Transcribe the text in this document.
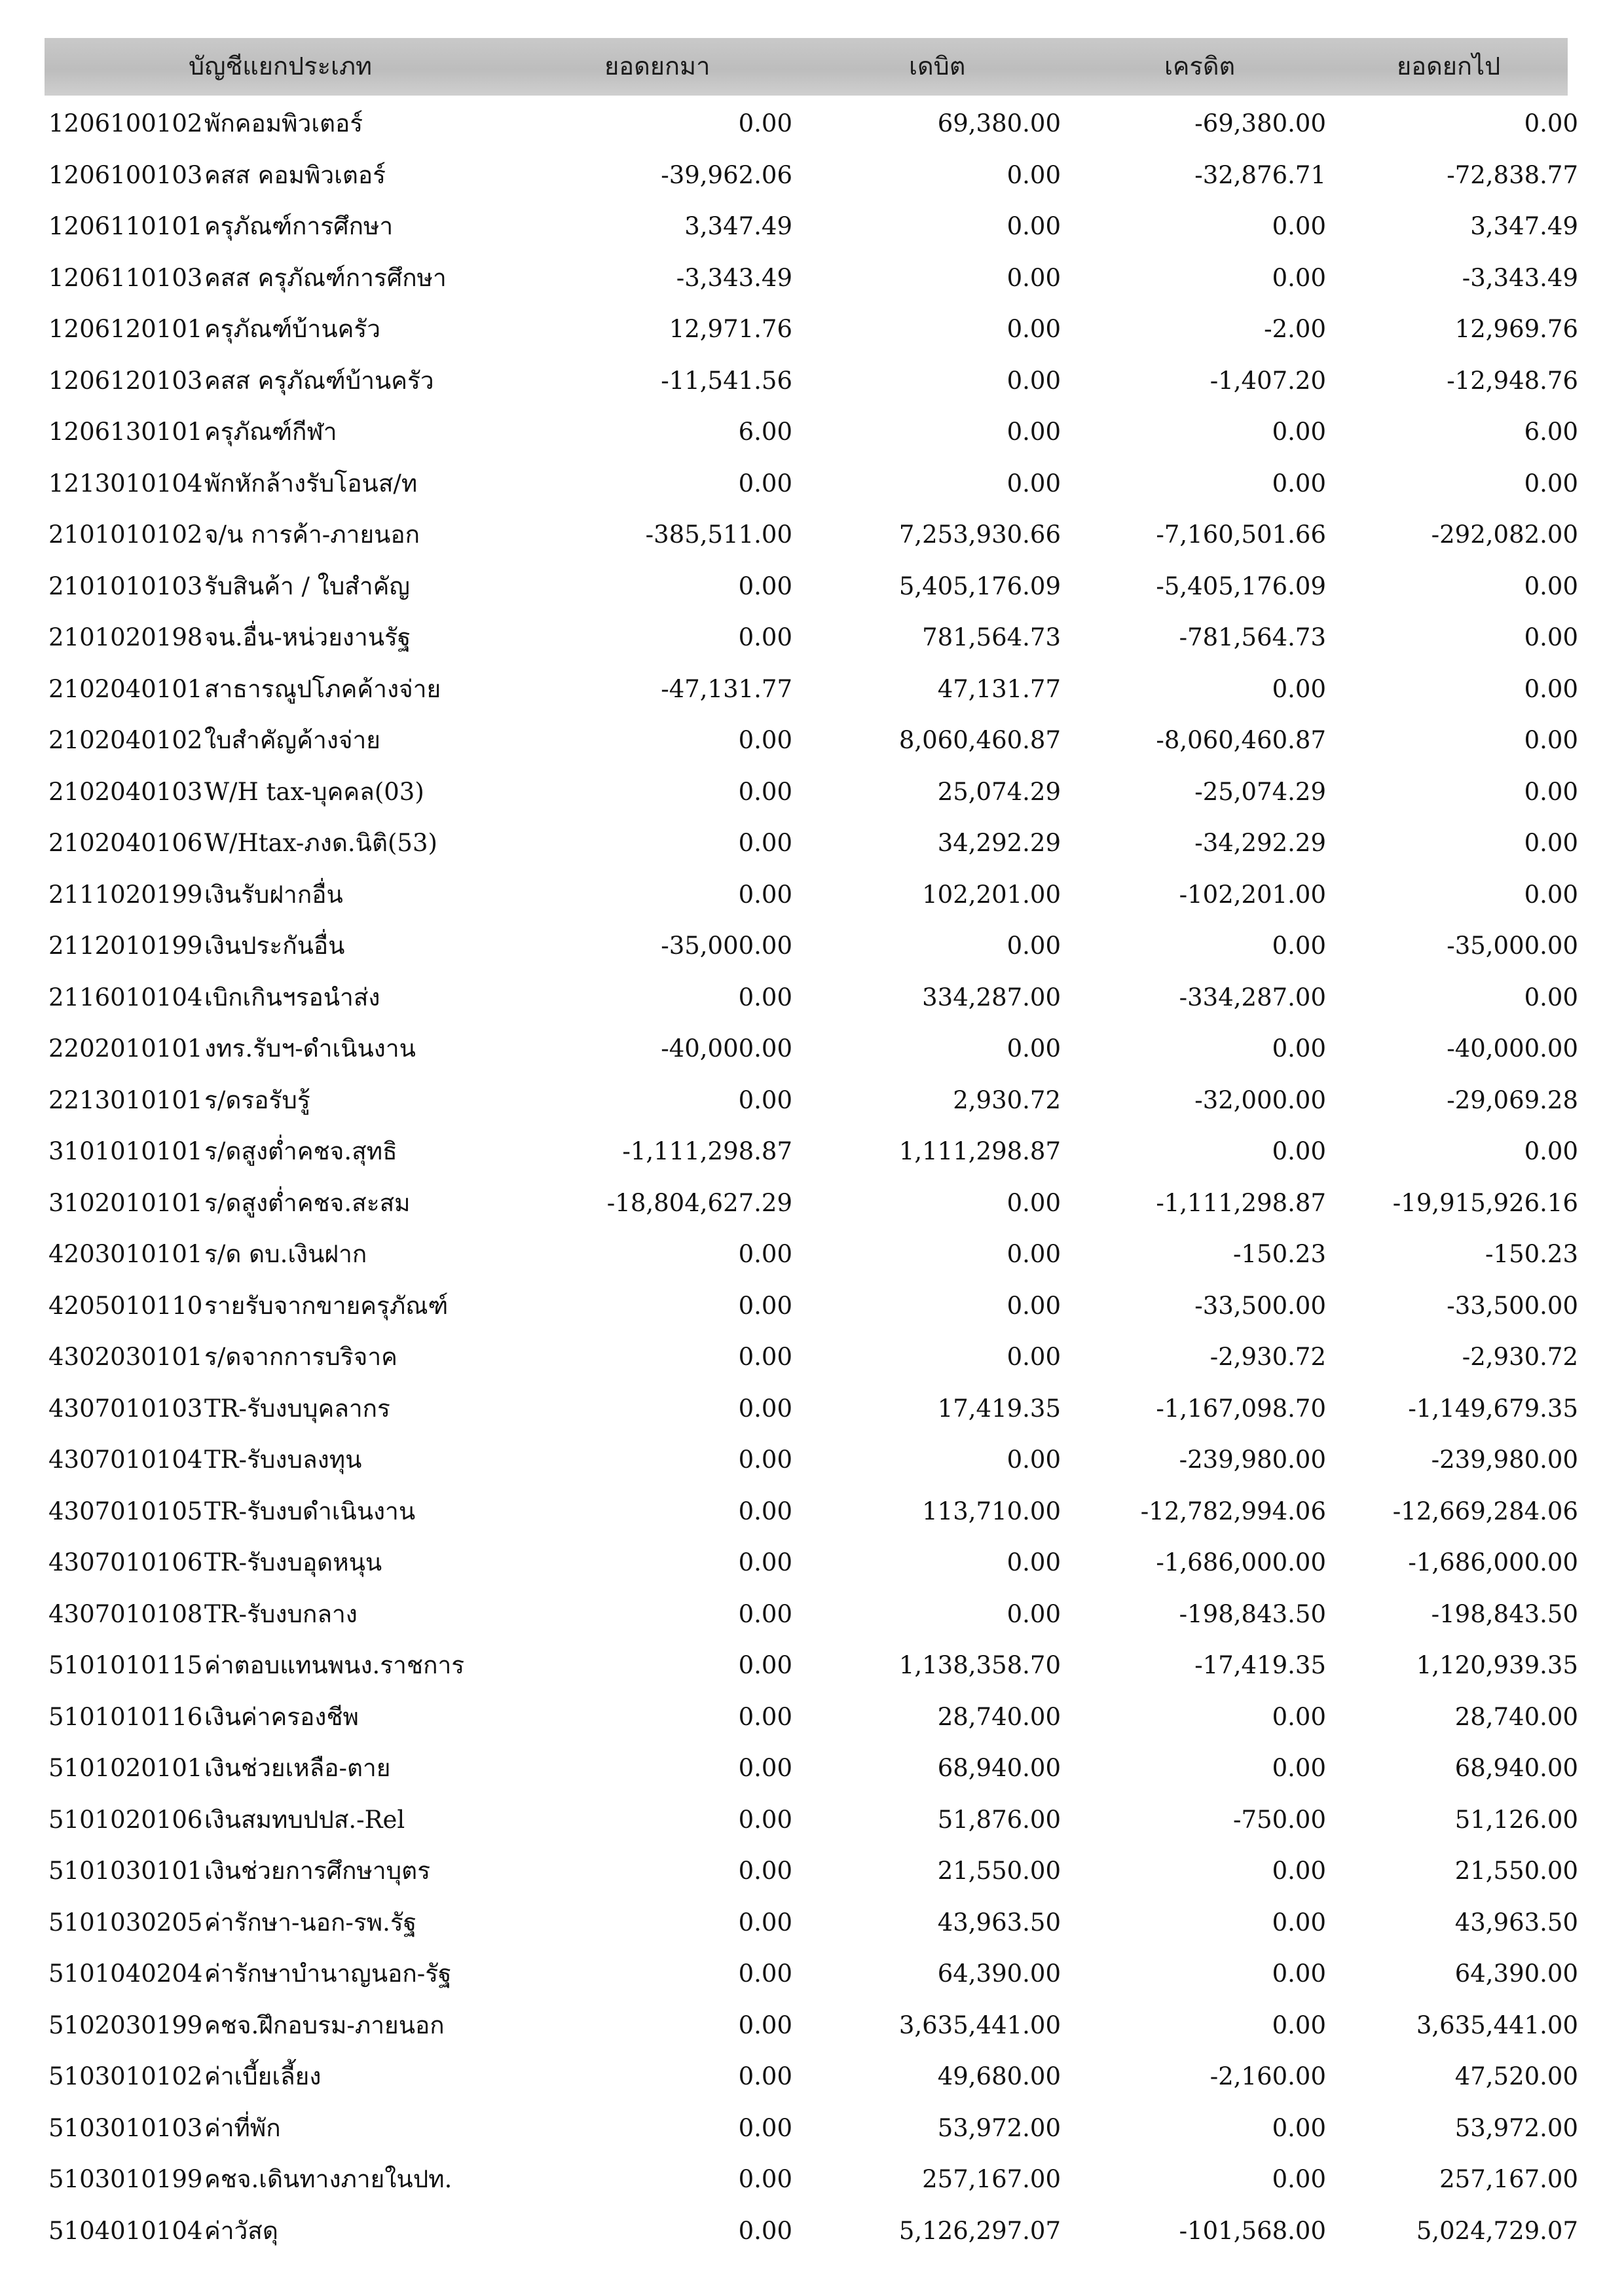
บัญชีแยกประเภท	ยอดยกมา	เดบิต	เครดิต	ยอดยกไป
1206100102 พักคอมพิวเตอร์	0.00	69,380.00	-69,380.00	0.00
1206100103 คสส คอมพิวเตอร์	-39,962.06	0.00	-32,876.71	-72,838.77
1206110101 ครุภัณฑ์การศึกษา	3,347.49	0.00	0.00	3,347.49
1206110103 คสส ครุภัณฑ์การศึกษา	-3,343.49	0.00	0.00	-3,343.49
1206120101 ครุภัณฑ์บ้านครัว	12,971.76	0.00	-2.00	12,969.76
1206120103 คสส ครุภัณฑ์บ้านครัว	-11,541.56	0.00	-1,407.20	-12,948.76
1206130101 ครุภัณฑ์กีฬา	6.00	0.00	0.00	6.00
1213010104 พักหักล้างรับโอนส/ท	0.00	0.00	0.00	0.00
2101010102 จ/น การค้า-ภายนอก	-385,511.00	7,253,930.66	-7,160,501.66	-292,082.00
2101010103 รับสินค้า / ใบสำคัญ	0.00	5,405,176.09	-5,405,176.09	0.00
2101020198 จน.อื่น-หน่วยงานรัฐ	0.00	781,564.73	-781,564.73	0.00
2102040101 สาธารณูปโภคค้างจ่าย	-47,131.77	47,131.77	0.00	0.00
2102040102 ใบสำคัญค้างจ่าย	0.00	8,060,460.87	-8,060,460.87	0.00
2102040103 W/H tax-บุคคล(03)	0.00	25,074.29	-25,074.29	0.00
2102040106 W/Htax-ภงด.นิติ(53)	0.00	34,292.29	-34,292.29	0.00
2111020199 เงินรับฝากอื่น	0.00	102,201.00	-102,201.00	0.00
2112010199 เงินประกันอื่น	-35,000.00	0.00	0.00	-35,000.00
2116010104 เบิกเกินฯรอนำส่ง	0.00	334,287.00	-334,287.00	0.00
2202010101 งทร.รับฯ-ดำเนินงาน	-40,000.00	0.00	0.00	-40,000.00
2213010101 ร/ดรอรับรู้	0.00	2,930.72	-32,000.00	-29,069.28
3101010101 ร/ดสูงต่ำคชจ.สุทธิ	-1,111,298.87	1,111,298.87	0.00	0.00
3102010101 ร/ดสูงต่ำคชจ.สะสม	-18,804,627.29	0.00	-1,111,298.87	-19,915,926.16
4203010101 ร/ด ดบ.เงินฝาก	0.00	0.00	-150.23	-150.23
4205010110 รายรับจากขายครุภัณฑ์	0.00	0.00	-33,500.00	-33,500.00
4302030101 ร/ดจากการบริจาค	0.00	0.00	-2,930.72	-2,930.72
4307010103 TR-รับงบบุคลากร	0.00	17,419.35	-1,167,098.70	-1,149,679.35
4307010104 TR-รับงบลงทุน	0.00	0.00	-239,980.00	-239,980.00
4307010105 TR-รับงบดำเนินงาน	0.00	113,710.00	-12,782,994.06	-12,669,284.06
4307010106 TR-รับงบอุดหนุน	0.00	0.00	-1,686,000.00	-1,686,000.00
4307010108 TR-รับงบกลาง	0.00	0.00	-198,843.50	-198,843.50
5101010115 ค่าตอบแทนพนง.ราชการ	0.00	1,138,358.70	-17,419.35	1,120,939.35
5101010116 เงินค่าครองชีพ	0.00	28,740.00	0.00	28,740.00
5101020101 เงินช่วยเหลือ-ตาย	0.00	68,940.00	0.00	68,940.00
5101020106 เงินสมทบปปส.-Rel	0.00	51,876.00	-750.00	51,126.00
5101030101 เงินช่วยการศึกษาบุตร	0.00	21,550.00	0.00	21,550.00
5101030205 ค่ารักษา-นอก-รพ.รัฐ	0.00	43,963.50	0.00	43,963.50
5101040204 ค่ารักษาบำนาญนอก-รัฐ	0.00	64,390.00	0.00	64,390.00
5102030199 คชจ.ฝึกอบรม-ภายนอก	0.00	3,635,441.00	0.00	3,635,441.00
5103010102 ค่าเบี้ยเลี้ยง	0.00	49,680.00	-2,160.00	47,520.00
5103010103 ค่าที่พัก	0.00	53,972.00	0.00	53,972.00
5103010199 คชจ.เดินทางภายในปท.	0.00	257,167.00	0.00	257,167.00
5104010104 ค่าวัสดุ	0.00	5,126,297.07	-101,568.00	5,024,729.07
